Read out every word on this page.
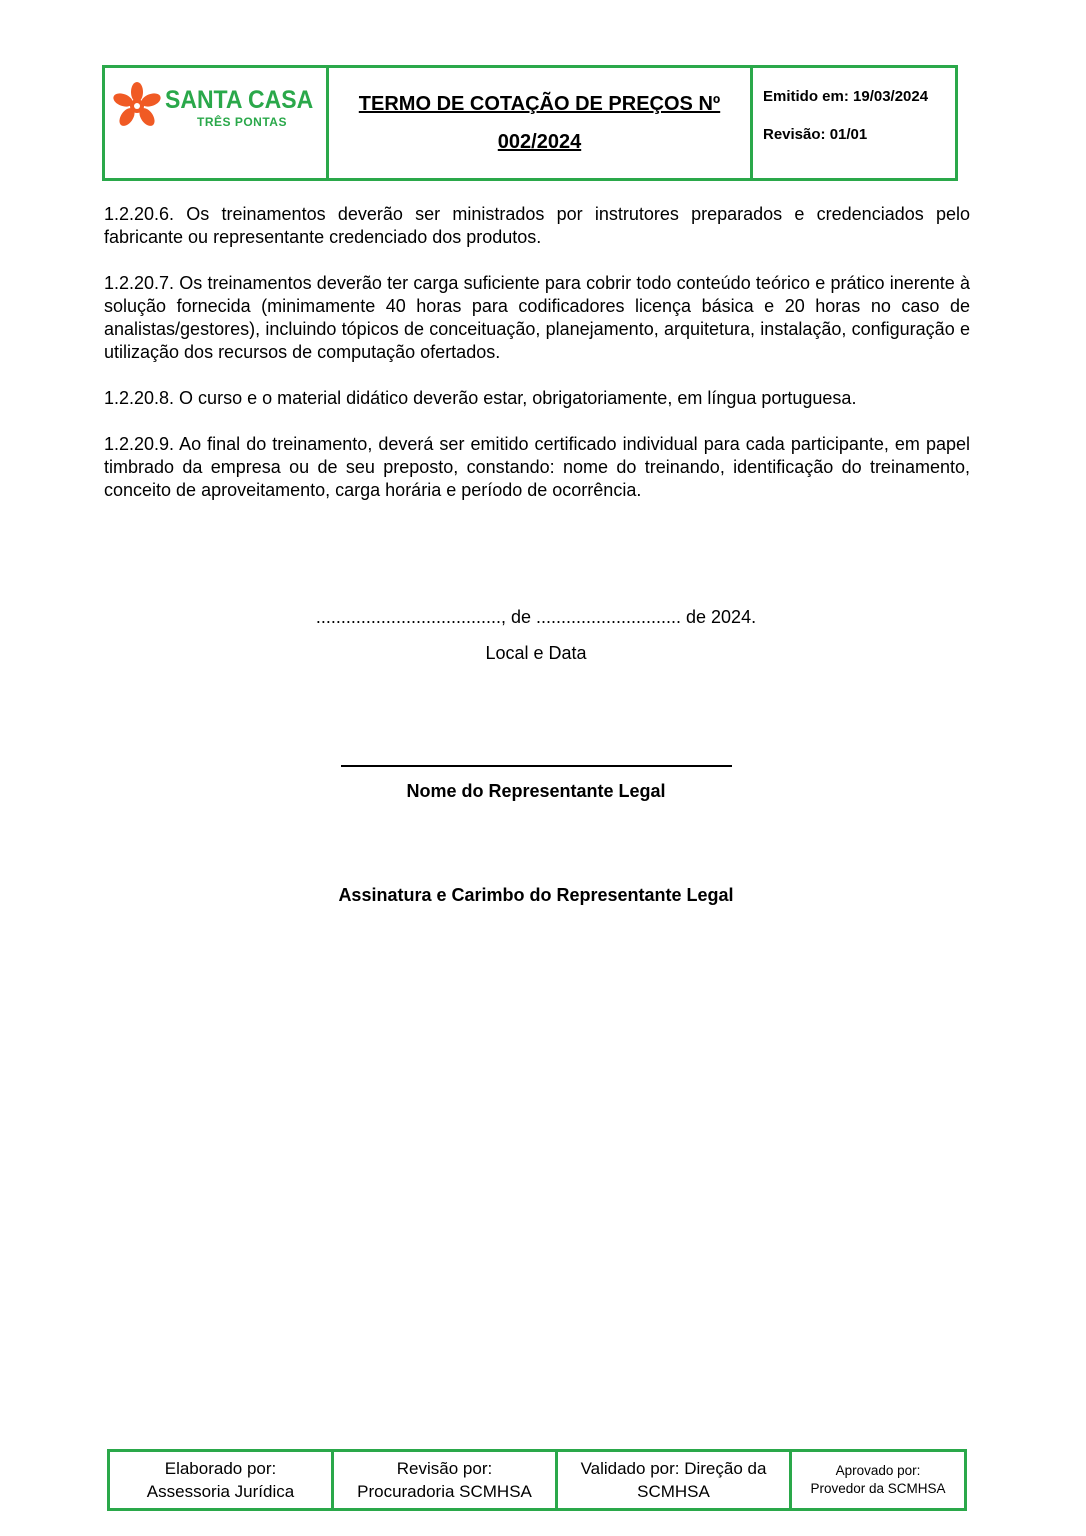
SANTA CASA
TRÊS PONTAS
TERMO DE COTAÇÃO DE PREÇOS Nº
002/2024
Emitido em: 19/03/2024
Revisão: 01/01

1.2.20.6. Os treinamentos deverão ser ministrados por instrutores preparados e credenciados pelo fabricante ou representante credenciado dos produtos.

1.2.20.7. Os treinamentos deverão ter carga suficiente para cobrir todo conteúdo teórico e prático inerente à solução fornecida (minimamente 40 horas para codificadores licença básica e 20 horas no caso de analistas/gestores), incluindo tópicos de conceituação, planejamento, arquitetura, instalação, configuração e utilização dos recursos de computação ofertados.

1.2.20.8. O curso e o material didático deverão estar, obrigatoriamente, em língua portuguesa.

1.2.20.9. Ao final do treinamento, deverá ser emitido certificado individual para cada participante, em papel timbrado da empresa ou de seu preposto, constando: nome do treinando, identificação do treinamento, conceito de aproveitamento, carga horária e período de ocorrência.

....................................., de ............................. de 2024.
Local e Data
Nome do Representante Legal
Assinatura e Carimbo do Representante Legal
Elaborado por:
Assessoria Jurídica
Revisão por:
Procuradoria SCMHSA
Validado por: Direção da
SCMHSA
Aprovado por:
Provedor da SCMHSA
